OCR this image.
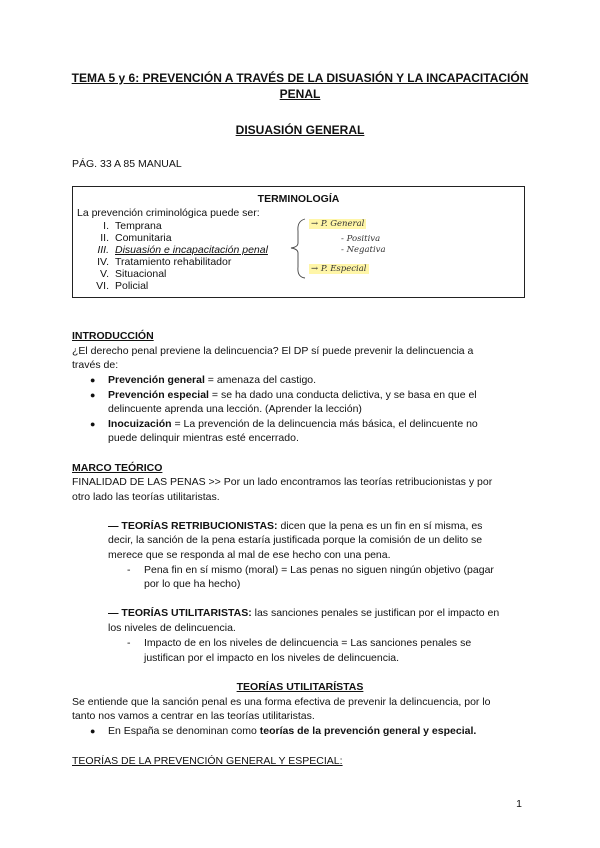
TEMA 5 y 6: PREVENCIÓN A TRAVÉS DE LA DISUASIÓN Y LA INCAPACITACIÓN PENAL
DISUASIÓN GENERAL
PÁG. 33 A 85 MANUAL
TERMINOLOGÍA
La prevención criminológica puede ser:
I. Temprana
II. Comunitaria
III. Disuasión e incapacitación penal
IV. Tratamiento rehabilitador
V. Situacional
VI. Policial
→ P. General
- Positiva
- Negativa
→ P. Especial
INTRODUCCIÓN
¿El derecho penal previene la delincuencia? El DP sí puede prevenir la delincuencia a
través de:
● Prevención general = amenaza del castigo.
● Prevención especial = se ha dado una conducta delictiva, y se basa en que el
delincuente aprenda una lección. (Aprender la lección)
● Inocuización = La prevención de la delincuencia más básica, el delincuente no
puede delinquir mientras esté encerrado.
MARCO TEÓRICO
FINALIDAD DE LAS PENAS >> Por un lado encontramos las teorías retribucionistas y por
otro lado las teorías utilitaristas.
— TEORÍAS RETRIBUCIONISTAS: dicen que la pena es un fin en sí misma, es
decir, la sanción de la pena estaría justificada porque la comisión de un delito se
merece que se responda al mal de ese hecho con una pena.
- Pena fin en sí mismo (moral) = Las penas no siguen ningún objetivo (pagar
por lo que ha hecho)
— TEORÍAS UTILITARISTAS: las sanciones penales se justifican por el impacto en
los niveles de delincuencia.
- Impacto de en los niveles de delincuencia = Las sanciones penales se
justifican por el impacto en los niveles de delincuencia.
TEORÍAS UTILITARÍSTAS
Se entiende que la sanción penal es una forma efectiva de prevenir la delincuencia, por lo
tanto nos vamos a centrar en las teorías utilitaristas.
● En España se denominan como teorías de la prevención general y especial.
TEORÍAS DE LA PREVENCIÓN GENERAL Y ESPECIAL:
1
